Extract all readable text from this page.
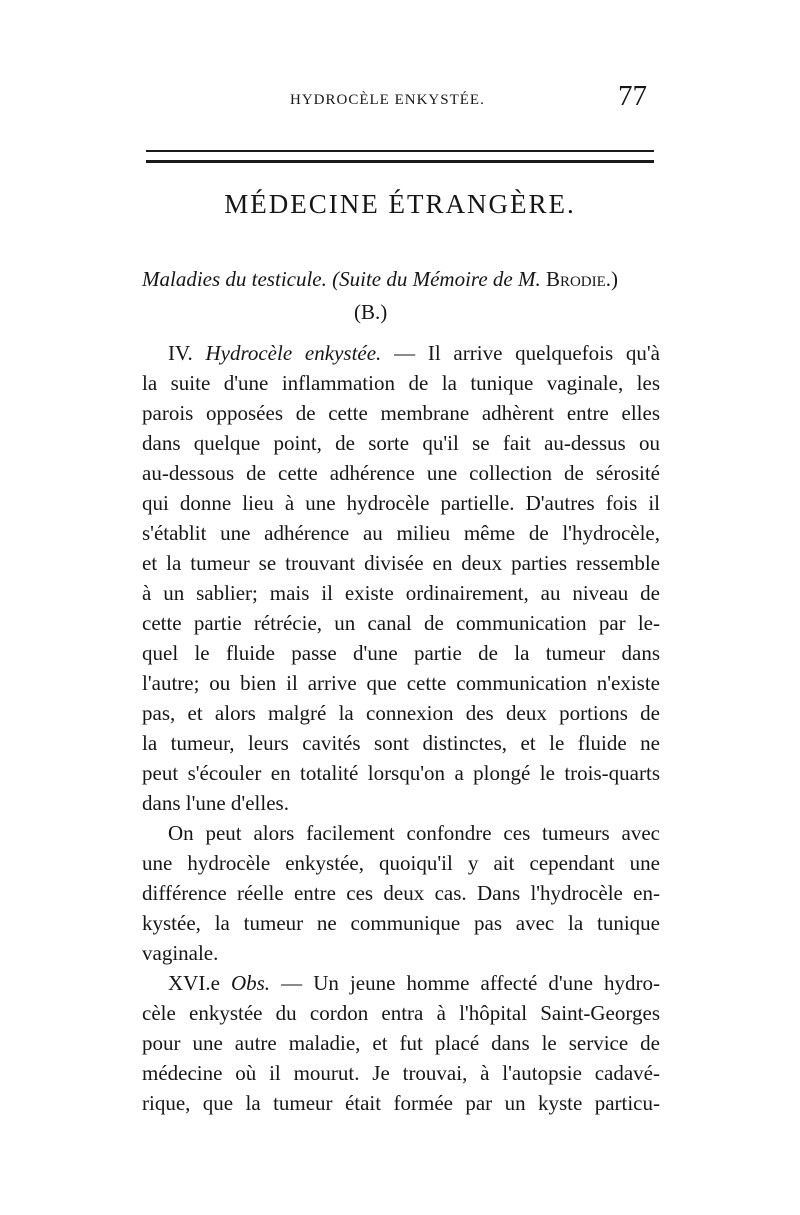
HYDROCÈLE ENKYSTÉE.	77
MÉDECINE ÉTRANGÈRE.
Maladies du testicule. (Suite du Mémoire de M. Brodie.)
(B.)
IV. Hydrocèle enkystée. — Il arrive quelquefois qu'à
la suite d'une inflammation de la tunique vaginale, les
parois opposées de cette membrane adhèrent entre elles
dans quelque point, de sorte qu'il se fait au-dessus ou
au-dessous de cette adhérence une collection de sérosité
qui donne lieu à une hydrocèle partielle. D'autres fois il
s'établit une adhérence au milieu même de l'hydrocèle,
et la tumeur se trouvant divisée en deux parties ressemble
à un sablier; mais il existe ordinairement, au niveau de
cette partie rétrécie, un canal de communication par le-
quel le fluide passe d'une partie de la tumeur dans
l'autre; ou bien il arrive que cette communication n'existe
pas, et alors malgré la connexion des deux portions de
la tumeur, leurs cavités sont distinctes, et le fluide ne
peut s'écouler en totalité lorsqu'on a plongé le trois-quarts
dans l'une d'elles.
On peut alors facilement confondre ces tumeurs avec
une hydrocèle enkystée, quoiqu'il y ait cependant une
différence réelle entre ces deux cas. Dans l'hydrocèle en-
kystée, la tumeur ne communique pas avec la tunique
vaginale.
XVI.e Obs. — Un jeune homme affecté d'une hydro-
cèle enkystée du cordon entra à l'hôpital Saint-Georges
pour une autre maladie, et fut placé dans le service de
médecine où il mourut. Je trouvai, à l'autopsie cadavé-
rique, que la tumeur était formée par un kyste particu-
